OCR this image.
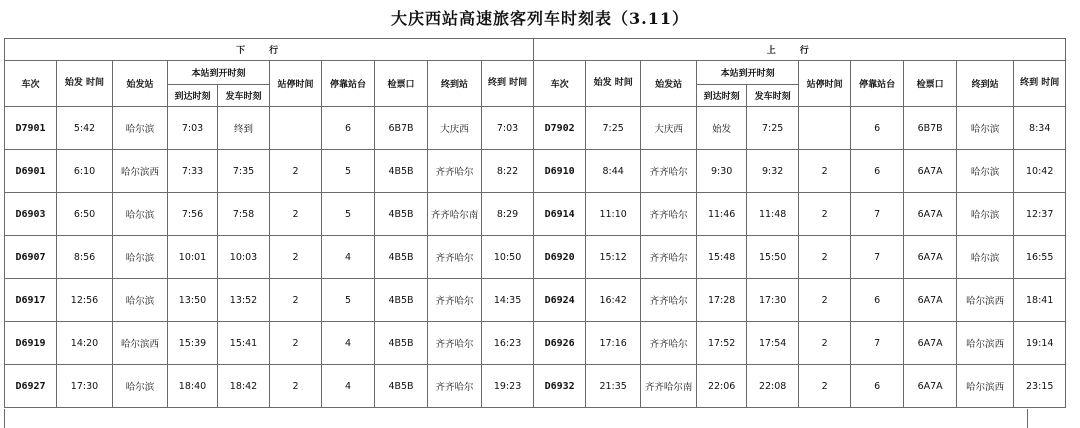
大庆西站高速旅客列车时刻表（3.11）
下行										上行									
车次	始发 时间	始发站	本站到开时刻		站停时间	停靠站台	检票口	终到站	终到 时间	车次	始发 时间	始发站	本站到开时刻		站停时间	停靠站台	检票口	终到站	终到 时间
			到达时刻	发车时刻									到达时刻	发车时刻					
D7901	5:42	哈尔滨	7:03	终到		6	6B7B	大庆西	7:03	D7902	7:25	大庆西	始发	7:25		6	6B7B	哈尔滨	8:34
D6901	6:10	哈尔滨西	7:33	7:35	2	5	4B5B	齐齐哈尔	8:22	D6910	8:44	齐齐哈尔	9:30	9:32	2	6	6A7A	哈尔滨	10:42
D6903	6:50	哈尔滨	7:56	7:58	2	5	4B5B	齐齐哈尔南	8:29	D6914	11:10	齐齐哈尔	11:46	11:48	2	7	6A7A	哈尔滨	12:37
D6907	8:56	哈尔滨	10:01	10:03	2	4	4B5B	齐齐哈尔	10:50	D6920	15:12	齐齐哈尔	15:48	15:50	2	7	6A7A	哈尔滨	16:55
D6917	12:56	哈尔滨	13:50	13:52	2	5	4B5B	齐齐哈尔	14:35	D6924	16:42	齐齐哈尔	17:28	17:30	2	6	6A7A	哈尔滨西	18:41
D6919	14:20	哈尔滨西	15:39	15:41	2	4	4B5B	齐齐哈尔	16:23	D6926	17:16	齐齐哈尔	17:52	17:54	2	7	6A7A	哈尔滨西	19:14
D6927	17:30	哈尔滨	18:40	18:42	2	4	4B5B	齐齐哈尔	19:23	D6932	21:35	齐齐哈尔南	22:06	22:08	2	6	6A7A	哈尔滨西	23:15
